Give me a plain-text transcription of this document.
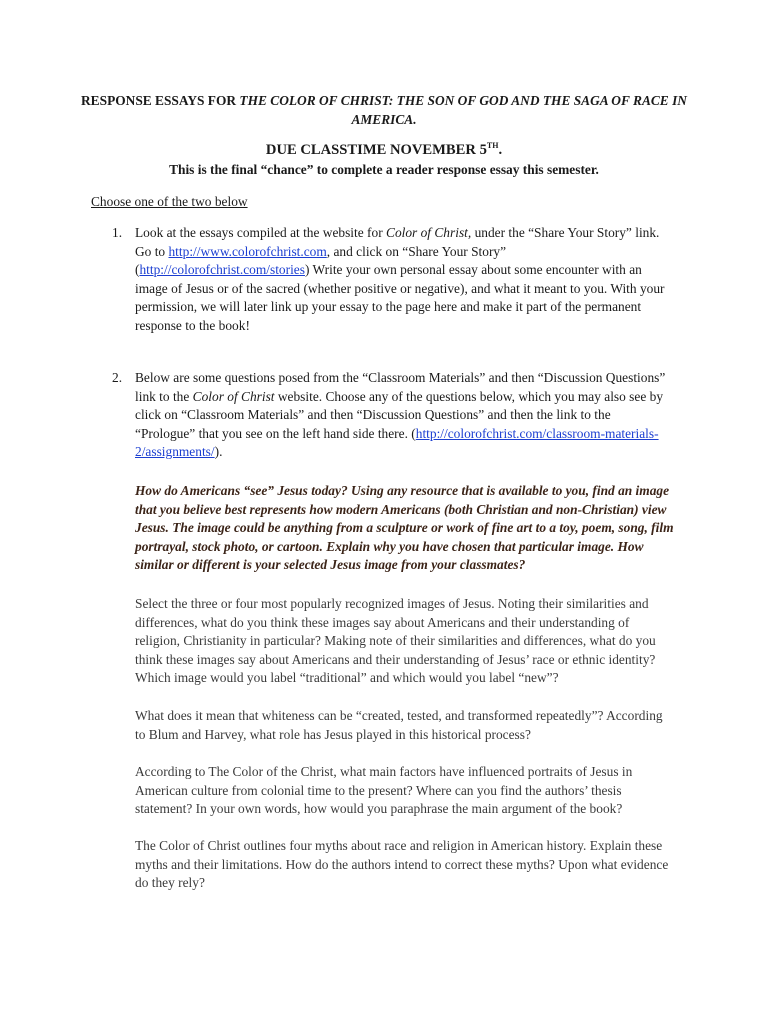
RESPONSE ESSAYS FOR THE COLOR OF CHRIST: THE SON OF GOD AND THE SAGA OF RACE IN AMERICA.
DUE CLASSTIME NOVEMBER 5TH.
This is the final “chance” to complete a reader response essay this semester.
Choose one of the two below
1. Look at the essays compiled at the website for Color of Christ, under the “Share Your Story” link. Go to http://www.colorofchrist.com, and click on “Share Your Story” (http://colorofchrist.com/stories) Write your own personal essay about some encounter with an image of Jesus or of the sacred (whether positive or negative), and what it meant to you. With your permission, we will later link up your essay to the page here and make it part of the permanent response to the book!
2. Below are some questions posed from the “Classroom Materials” and then “Discussion Questions” link to the Color of Christ website. Choose any of the questions below, which you may also see by click on “Classroom Materials” and then “Discussion Questions” and then the link to the “Prologue” that you see on the left hand side there. (http://colorofchrist.com/classroom-materials-2/assignments/).
How do Americans “see” Jesus today? Using any resource that is available to you, find an image that you believe best represents how modern Americans (both Christian and non-Christian) view Jesus. The image could be anything from a sculpture or work of fine art to a toy, poem, song, film portrayal, stock photo, or cartoon. Explain why you have chosen that particular image. How similar or different is your selected Jesus image from your classmates?
Select the three or four most popularly recognized images of Jesus. Noting their similarities and differences, what do you think these images say about Americans and their understanding of religion, Christianity in particular? Making note of their similarities and differences, what do you think these images say about Americans and their understanding of Jesus’ race or ethnic identity? Which image would you label “traditional” and which would you label “new”?
What does it mean that whiteness can be “created, tested, and transformed repeatedly”? According to Blum and Harvey, what role has Jesus played in this historical process?
According to The Color of the Christ, what main factors have influenced portraits of Jesus in American culture from colonial time to the present? Where can you find the authors’ thesis statement? In your own words, how would you paraphrase the main argument of the book?
The Color of Christ outlines four myths about race and religion in American history. Explain these myths and their limitations. How do the authors intend to correct these myths? Upon what evidence do they rely?
